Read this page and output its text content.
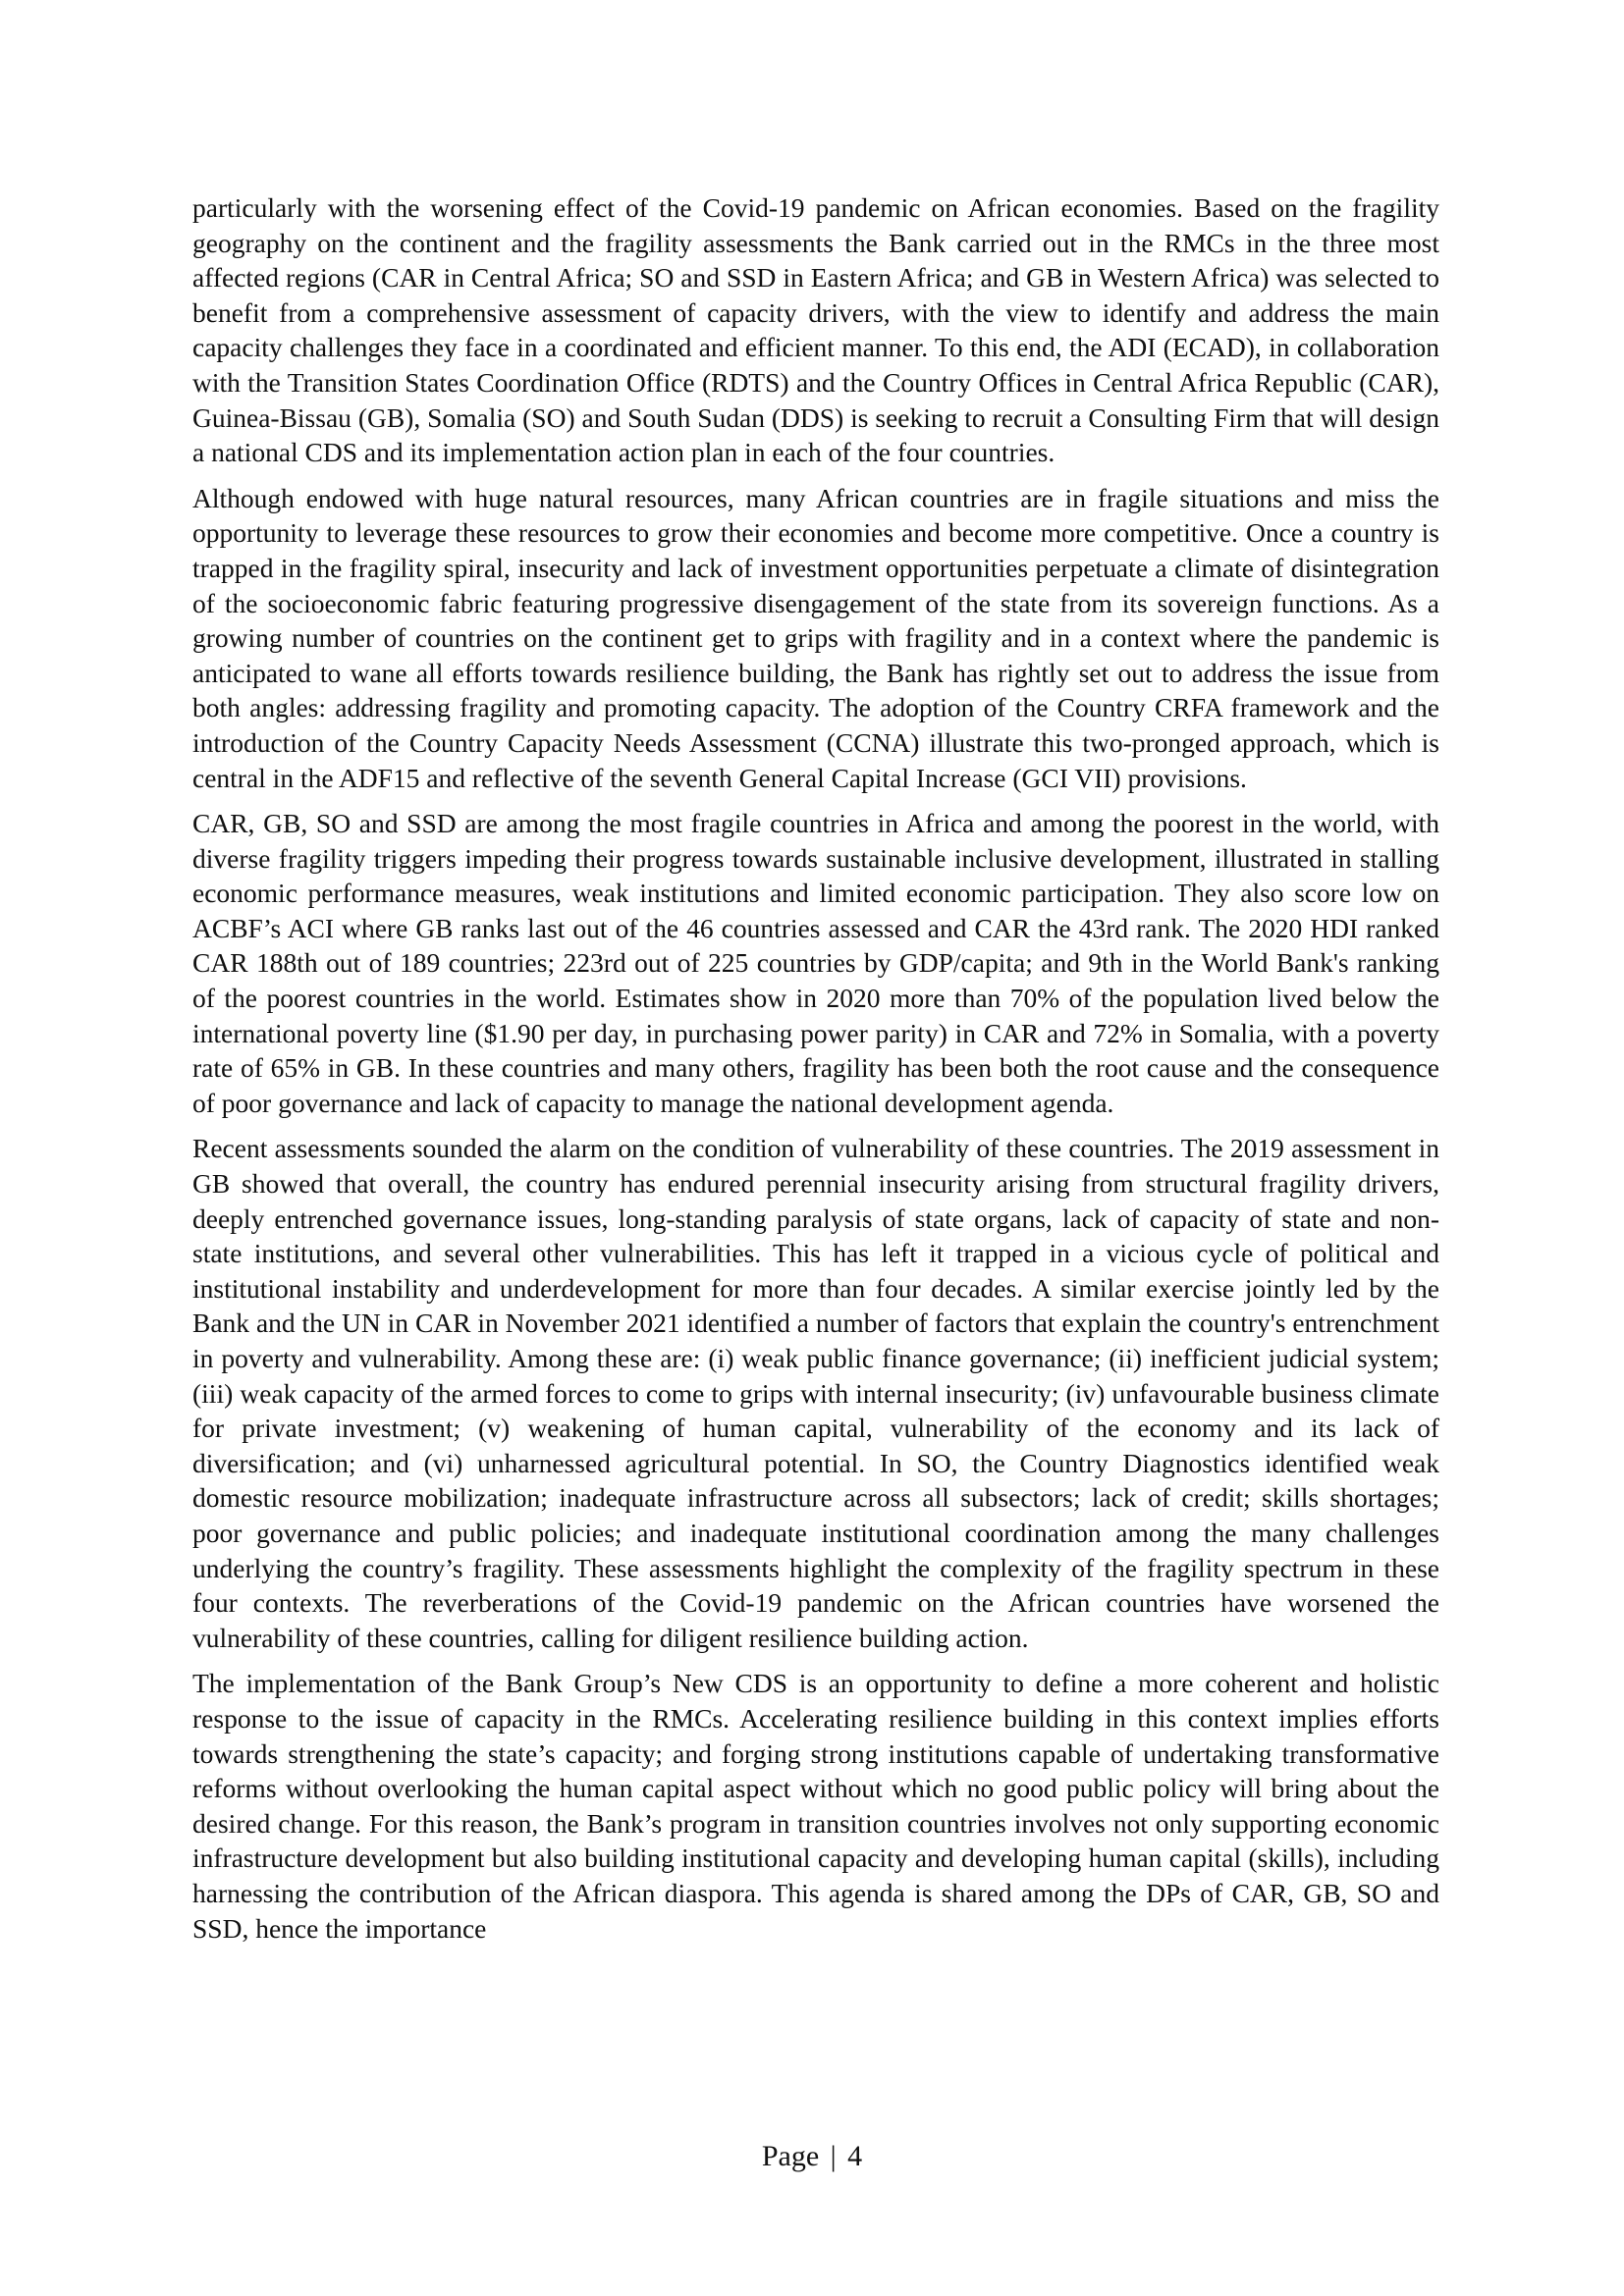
particularly with the worsening effect of the Covid-19 pandemic on African economies. Based on the fragility geography on the continent and the fragility assessments the Bank carried out in the RMCs in the three most affected regions (CAR in Central Africa; SO and SSD in Eastern Africa; and GB in Western Africa) was selected to benefit from a comprehensive assessment of capacity drivers, with the view to identify and address the main capacity challenges they face in a coordinated and efficient manner. To this end, the ADI (ECAD), in collaboration with the Transition States Coordination Office (RDTS) and the Country Offices in Central Africa Republic (CAR), Guinea-Bissau (GB), Somalia (SO) and South Sudan (DDS) is seeking to recruit a Consulting Firm that will design a national CDS and its implementation action plan in each of the four countries.

Although endowed with huge natural resources, many African countries are in fragile situations and miss the opportunity to leverage these resources to grow their economies and become more competitive. Once a country is trapped in the fragility spiral, insecurity and lack of investment opportunities perpetuate a climate of disintegration of the socioeconomic fabric featuring progressive disengagement of the state from its sovereign functions. As a growing number of countries on the continent get to grips with fragility and in a context where the pandemic is anticipated to wane all efforts towards resilience building, the Bank has rightly set out to address the issue from both angles: addressing fragility and promoting capacity. The adoption of the Country CRFA framework and the introduction of the Country Capacity Needs Assessment (CCNA) illustrate this two-pronged approach, which is central in the ADF15 and reflective of the seventh General Capital Increase (GCI VII) provisions.

CAR, GB, SO and SSD are among the most fragile countries in Africa and among the poorest in the world, with diverse fragility triggers impeding their progress towards sustainable inclusive development, illustrated in stalling economic performance measures, weak institutions and limited economic participation. They also score low on ACBF’s ACI where GB ranks last out of the 46 countries assessed and CAR the 43rd rank. The 2020 HDI ranked CAR 188th out of 189 countries; 223rd out of 225 countries by GDP/capita; and 9th in the World Bank's ranking of the poorest countries in the world. Estimates show in 2020 more than 70% of the population lived below the international poverty line ($1.90 per day, in purchasing power parity) in CAR and 72% in Somalia, with a poverty rate of 65% in GB. In these countries and many others, fragility has been both the root cause and the consequence of poor governance and lack of capacity to manage the national development agenda.

Recent assessments sounded the alarm on the condition of vulnerability of these countries. The 2019 assessment in GB showed that overall, the country has endured perennial insecurity arising from structural fragility drivers, deeply entrenched governance issues, long-standing paralysis of state organs, lack of capacity of state and non-state institutions, and several other vulnerabilities. This has left it trapped in a vicious cycle of political and institutional instability and underdevelopment for more than four decades. A similar exercise jointly led by the Bank and the UN in CAR in November 2021 identified a number of factors that explain the country's entrenchment in poverty and vulnerability. Among these are: (i) weak public finance governance; (ii) inefficient judicial system; (iii) weak capacity of the armed forces to come to grips with internal insecurity; (iv) unfavourable business climate for private investment; (v) weakening of human capital, vulnerability of the economy and its lack of diversification; and (vi) unharnessed agricultural potential. In SO, the Country Diagnostics identified weak domestic resource mobilization; inadequate infrastructure across all subsectors; lack of credit; skills shortages; poor governance and public policies; and inadequate institutional coordination among the many challenges underlying the country’s fragility. These assessments highlight the complexity of the fragility spectrum in these four contexts. The reverberations of the Covid-19 pandemic on the African countries have worsened the vulnerability of these countries, calling for diligent resilience building action.

The implementation of the Bank Group’s New CDS is an opportunity to define a more coherent and holistic response to the issue of capacity in the RMCs. Accelerating resilience building in this context implies efforts towards strengthening the state’s capacity; and forging strong institutions capable of undertaking transformative reforms without overlooking the human capital aspect without which no good public policy will bring about the desired change. For this reason, the Bank’s program in transition countries involves not only supporting economic infrastructure development but also building institutional capacity and developing human capital (skills), including harnessing the contribution of the African diaspora. This agenda is shared among the DPs of CAR, GB, SO and SSD, hence the importance

Page | 4
